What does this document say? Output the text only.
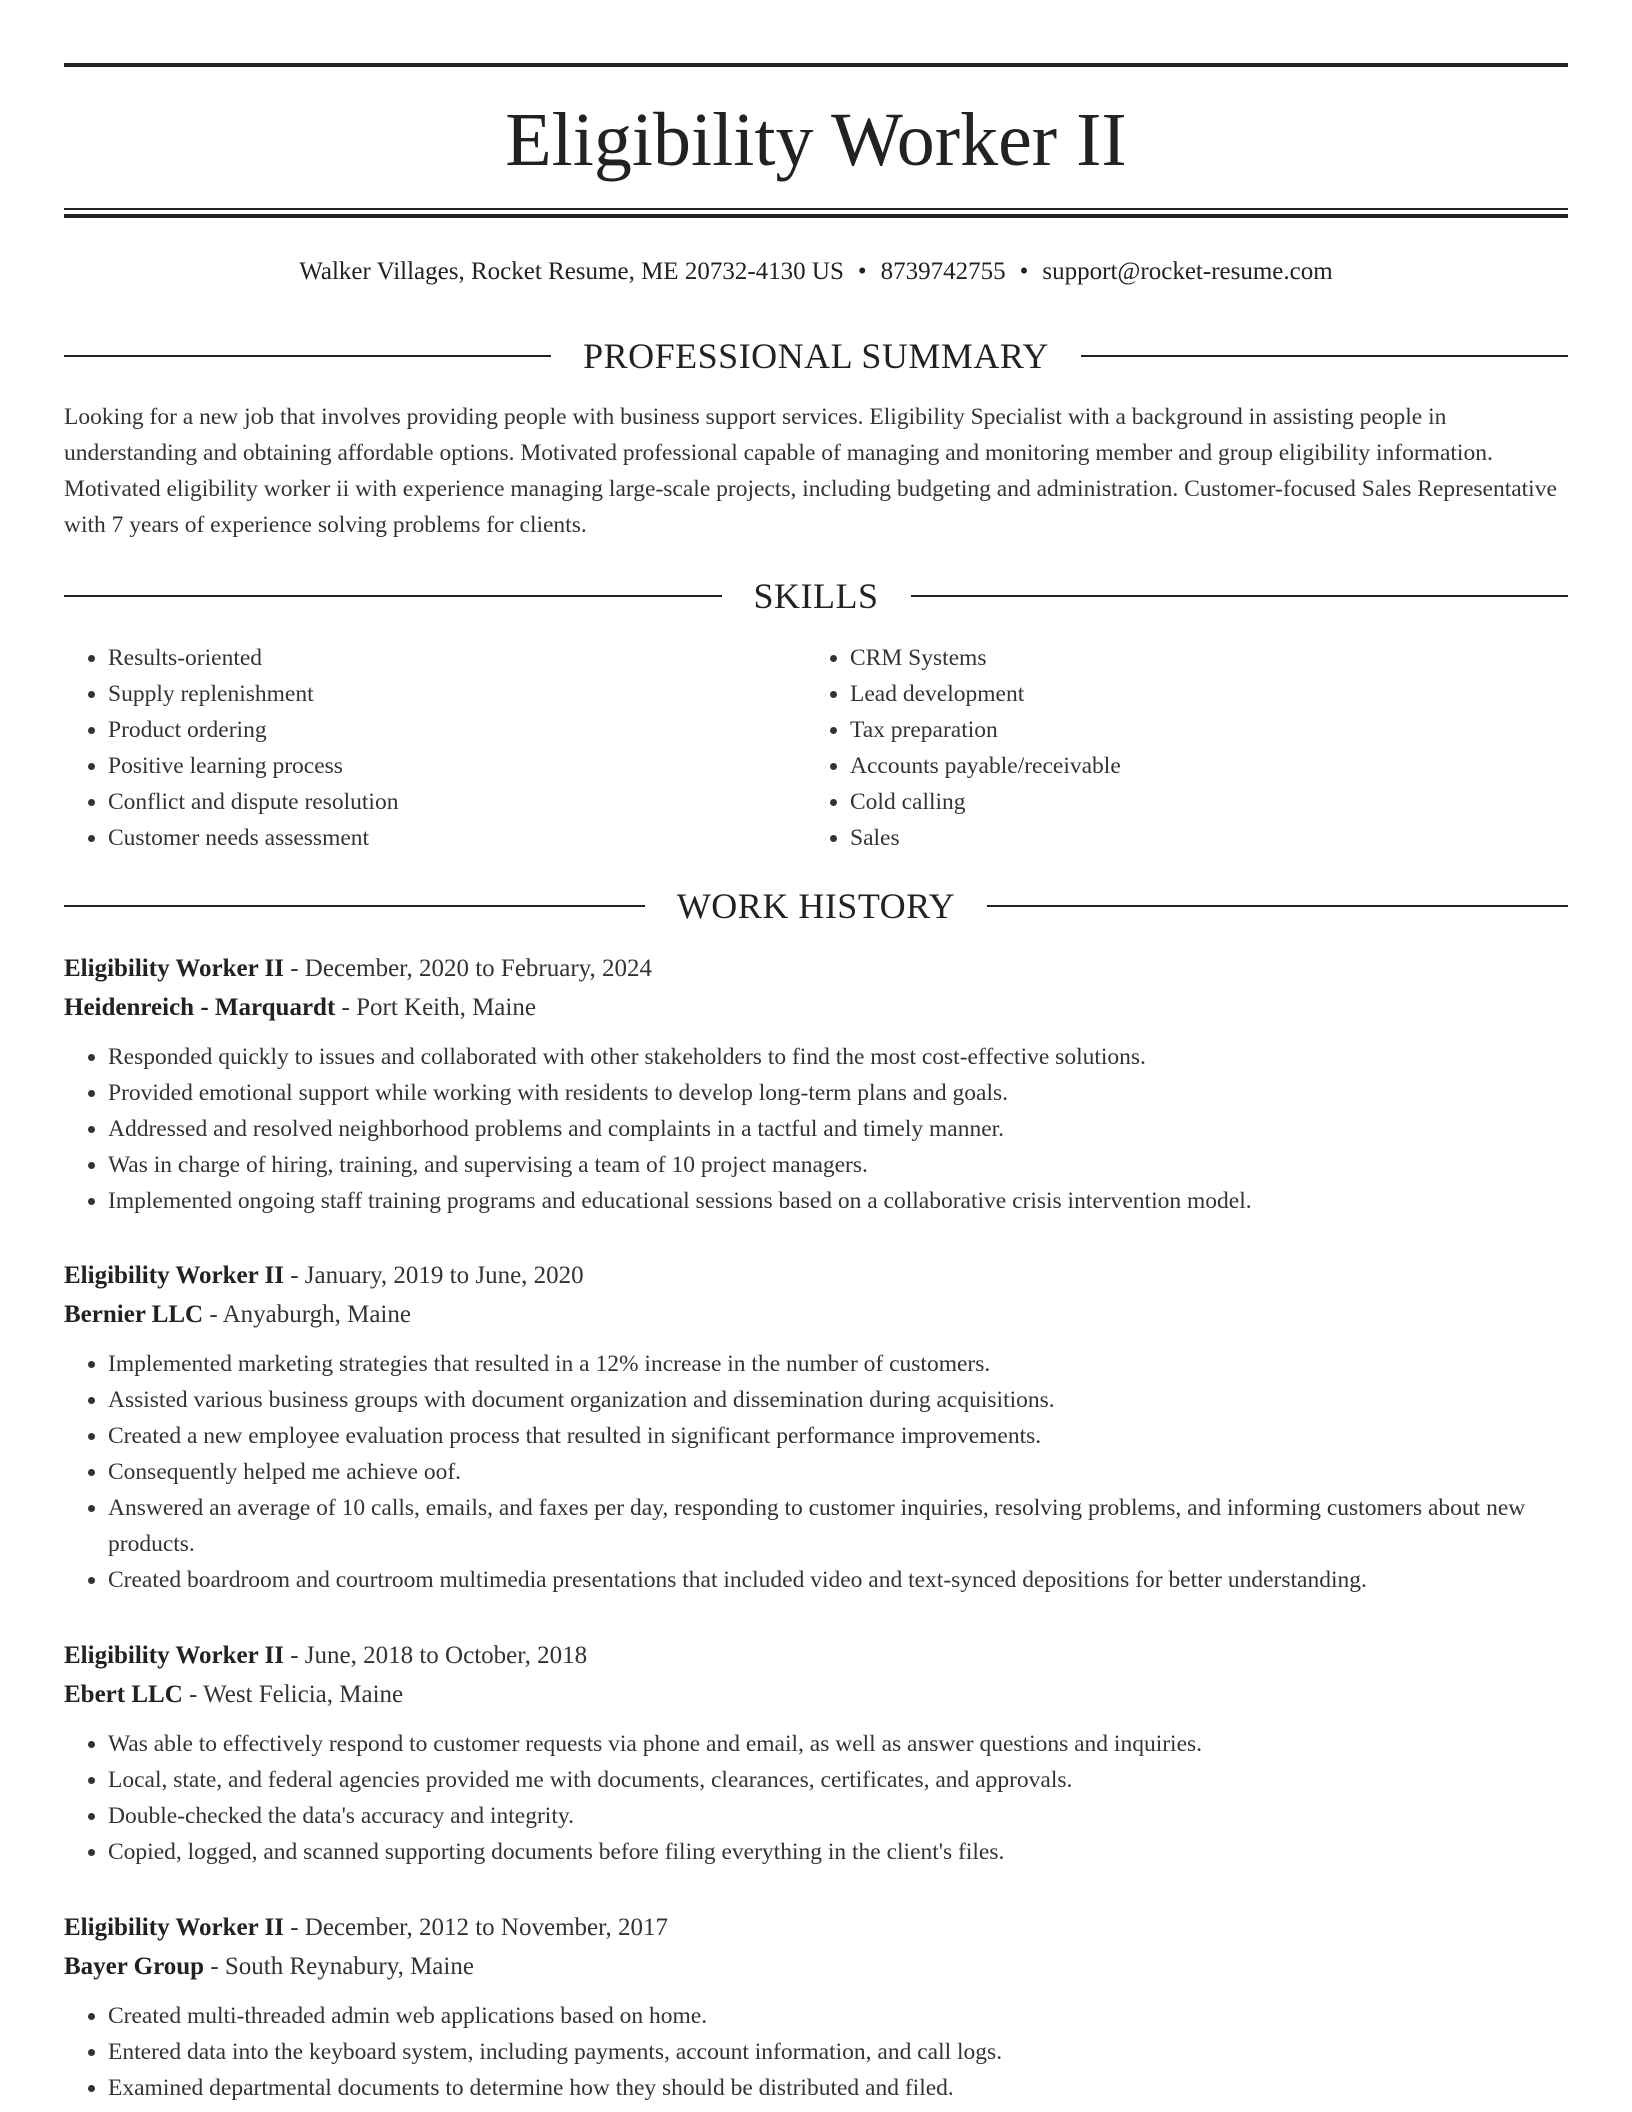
Eligibility Worker II
Walker Villages, Rocket Resume, ME 20732-4130 US • 8739742755 • support@rocket-resume.com
PROFESSIONAL SUMMARY

Looking for a new job that involves providing people with business support services. Eligibility Specialist with a background in assisting people in understanding and obtaining affordable options. Motivated professional capable of managing and monitoring member and group eligibility information. Motivated eligibility worker ii with experience managing large-scale projects, including budgeting and administration. Customer-focused Sales Representative with 7 years of experience solving problems for clients.

SKILLS
• Results-oriented
• Supply replenishment
• Product ordering
• Positive learning process
• Conflict and dispute resolution
• Customer needs assessment
• CRM Systems
• Lead development
• Tax preparation
• Accounts payable/receivable
• Cold calling
• Sales
WORK HISTORY
Eligibility Worker II - December, 2020 to February, 2024
Heidenreich - Marquardt - Port Keith, Maine
• Responded quickly to issues and collaborated with other stakeholders to find the most cost-effective solutions.
• Provided emotional support while working with residents to develop long-term plans and goals.
• Addressed and resolved neighborhood problems and complaints in a tactful and timely manner.
• Was in charge of hiring, training, and supervising a team of 10 project managers.
• Implemented ongoing staff training programs and educational sessions based on a collaborative crisis intervention model.
Eligibility Worker II - January, 2019 to June, 2020
Bernier LLC - Anyaburgh, Maine
• Implemented marketing strategies that resulted in a 12% increase in the number of customers.
• Assisted various business groups with document organization and dissemination during acquisitions.
• Created a new employee evaluation process that resulted in significant performance improvements.
• Consequently helped me achieve oof.
• Answered an average of 10 calls, emails, and faxes per day, responding to customer inquiries, resolving problems, and informing customers about new products.
• Created boardroom and courtroom multimedia presentations that included video and text-synced depositions for better understanding.
Eligibility Worker II - June, 2018 to October, 2018
Ebert LLC - West Felicia, Maine
• Was able to effectively respond to customer requests via phone and email, as well as answer questions and inquiries.
• Local, state, and federal agencies provided me with documents, clearances, certificates, and approvals.
• Double-checked the data's accuracy and integrity.
• Copied, logged, and scanned supporting documents before filing everything in the client's files.
Eligibility Worker II - December, 2012 to November, 2017
Bayer Group - South Reynabury, Maine
• Created multi-threaded admin web applications based on home.
• Entered data into the keyboard system, including payments, account information, and call logs.
• Examined departmental documents to determine how they should be distributed and filed.
